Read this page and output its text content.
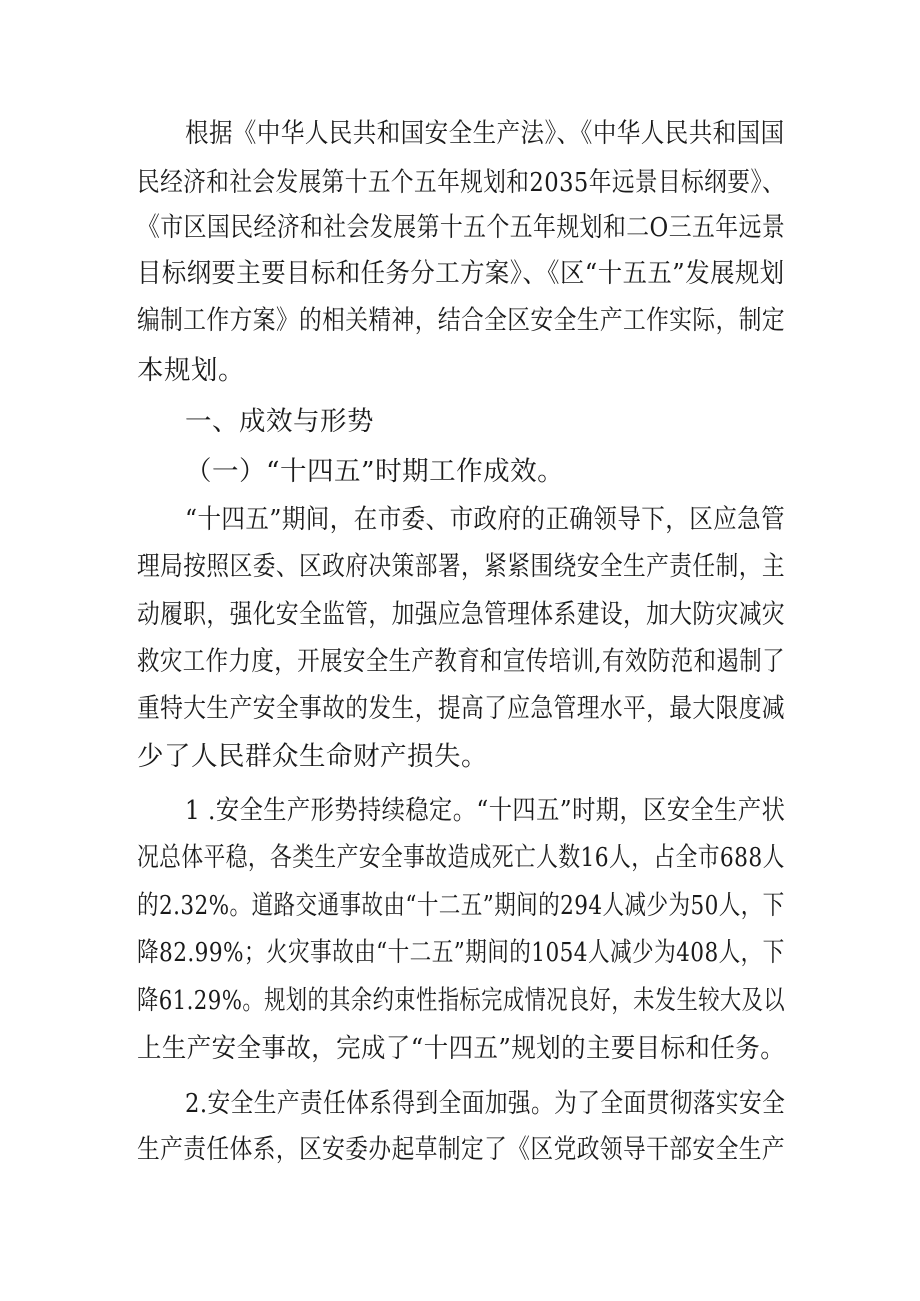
根据《中华人民共和国安全生产法》、《中华人民共和国国

民经济和社会发展第十五个五年规划和2035年远景目标纲要》、

《市区国民经济和社会发展第十五个五年规划和二O三五年远景

目标纲要主要目标和任务分工方案》、《区“十五五”发展规划

编制工作方案》的相关精神，结合全区安全生产工作实际，制定

本规划。

一、成效与形势

（一）“十四五”时期工作成效。

“十四五”期间，在市委、市政府的正确领导下，区应急管

理局按照区委、区政府决策部署，紧紧围绕安全生产责任制，主

动履职，强化安全监管，加强应急管理体系建设，加大防灾减灾

救灾工作力度，开展安全生产教育和宣传培训,有效防范和遏制了

重特大生产安全事故的发生，提高了应急管理水平，最大限度减

少了人民群众生命财产损失。

1 .安全生产形势持续稳定。“十四五”时期，区安全生产状

况总体平稳，各类生产安全事故造成死亡人数16人，占全市688人

的2.32%。道路交通事故由“十二五”期间的294人减少为50人，下

降82.99%；火灾事故由“十二五”期间的1054人减少为408人，下

降61.29%。规划的其余约束性指标完成情况良好，未发生较大及以

上生产安全事故，完成了“十四五”规划的主要目标和任务。

2.安全生产责任体系得到全面加强。为了全面贯彻落实安全

生产责任体系，区安委办起草制定了《区党政领导干部安全生产
